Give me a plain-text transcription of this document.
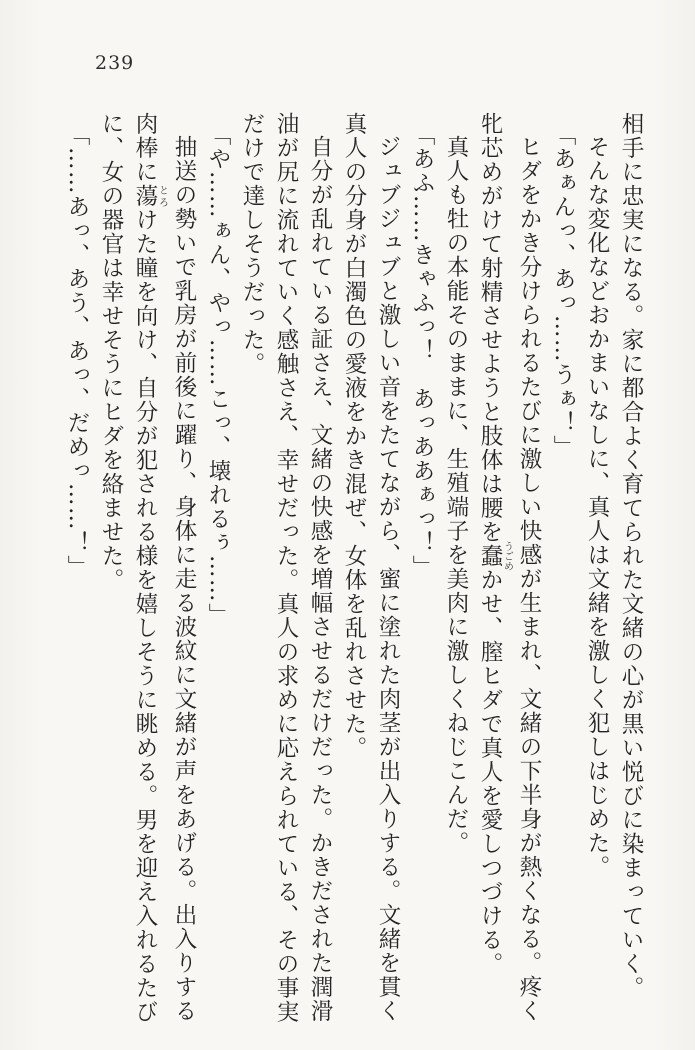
239
相手に忠実になる。家に都合よく育てられた文緒の心が黒い悦びに染まっていく。
そんな変化などおかまいなしに、真人は文緒を激しく犯しはじめた。
「あぁんっ、あっ……うぁ！」
ヒダをかき分けられるたびに激しい快感が生まれ、文緒の下半身が熱くなる。疼く
牝芯めがけて射精させようと肢体は腰を蠢うごめかせ、膣ヒダで真人を愛しつづける。
真人も牡の本能そのままに、生殖端子を美肉に激しくねじこんだ。
「あふ……きゃふっ！　あっああぁっ！」
ジュブジュブと激しい音をたてながら、蜜に塗れた肉茎が出入りする。文緒を貫く
真人の分身が白濁色の愛液をかき混ぜ、女体を乱れさせた。
自分が乱れている証さえ、文緒の快感を増幅させるだけだった。かきだされた潤滑
油が尻に流れていく感触さえ、幸せだった。真人の求めに応えられている、その事実
だけで達しそうだった。
「や……ぁん、やっ……こっ、壊れるぅ……」
抽送の勢いで乳房が前後に躍り、身体に走る波紋に文緒が声をあげる。出入りする
肉棒に蕩とろけた瞳を向け、自分が犯される様を嬉しそうに眺める。男を迎え入れるたび
に、女の器官は幸せそうにヒダを絡ませた。
「……あっ、あう、あっ、だめっ……！」
